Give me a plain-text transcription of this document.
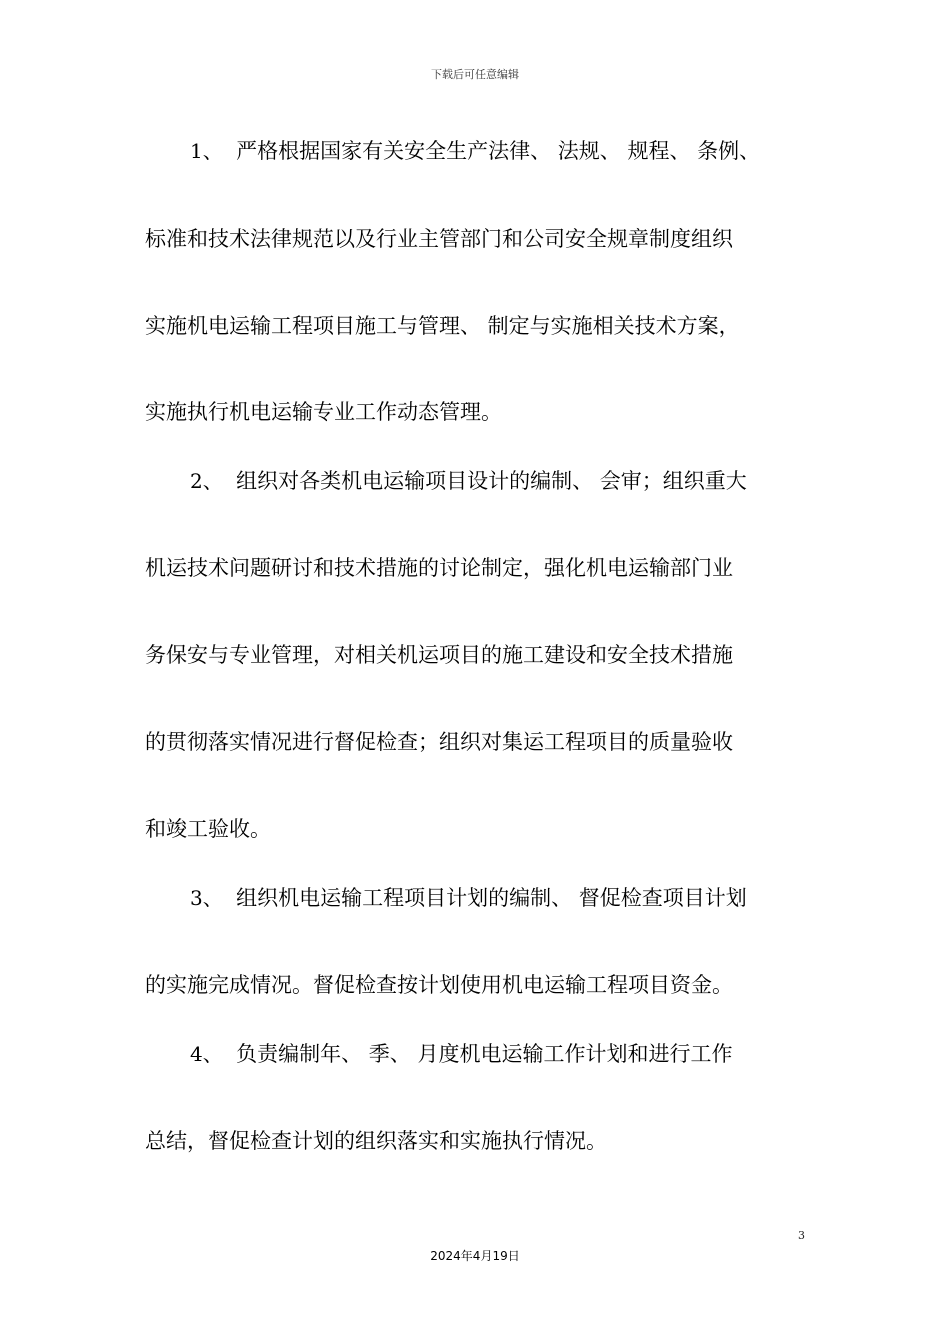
下载后可任意编辑
1、 严格根据国家有关安全生产法律、 法规、 规程、 条例、
标准和技术法律规范以及行业主管部门和公司安全规章制度组织
实施机电运输工程项目施工与管理、 制定与实施相关技术方案，
实施执行机电运输专业工作动态管理。
2、 组织对各类机电运输项目设计的编制、 会审；组织重大
机运技术问题研讨和技术措施的讨论制定，强化机电运输部门业
务保安与专业管理，对相关机运项目的施工建设和安全技术措施
的贯彻落实情况进行督促检查；组织对集运工程项目的质量验收
和竣工验收。
3、 组织机电运输工程项目计划的编制、 督促检查项目计划
的实施完成情况。督促检查按计划使用机电运输工程项目资金。
4、 负责编制年、 季、 月度机电运输工作计划和进行工作
总结，督促检查计划的组织落实和实施执行情况。
3
2024年4月19日
